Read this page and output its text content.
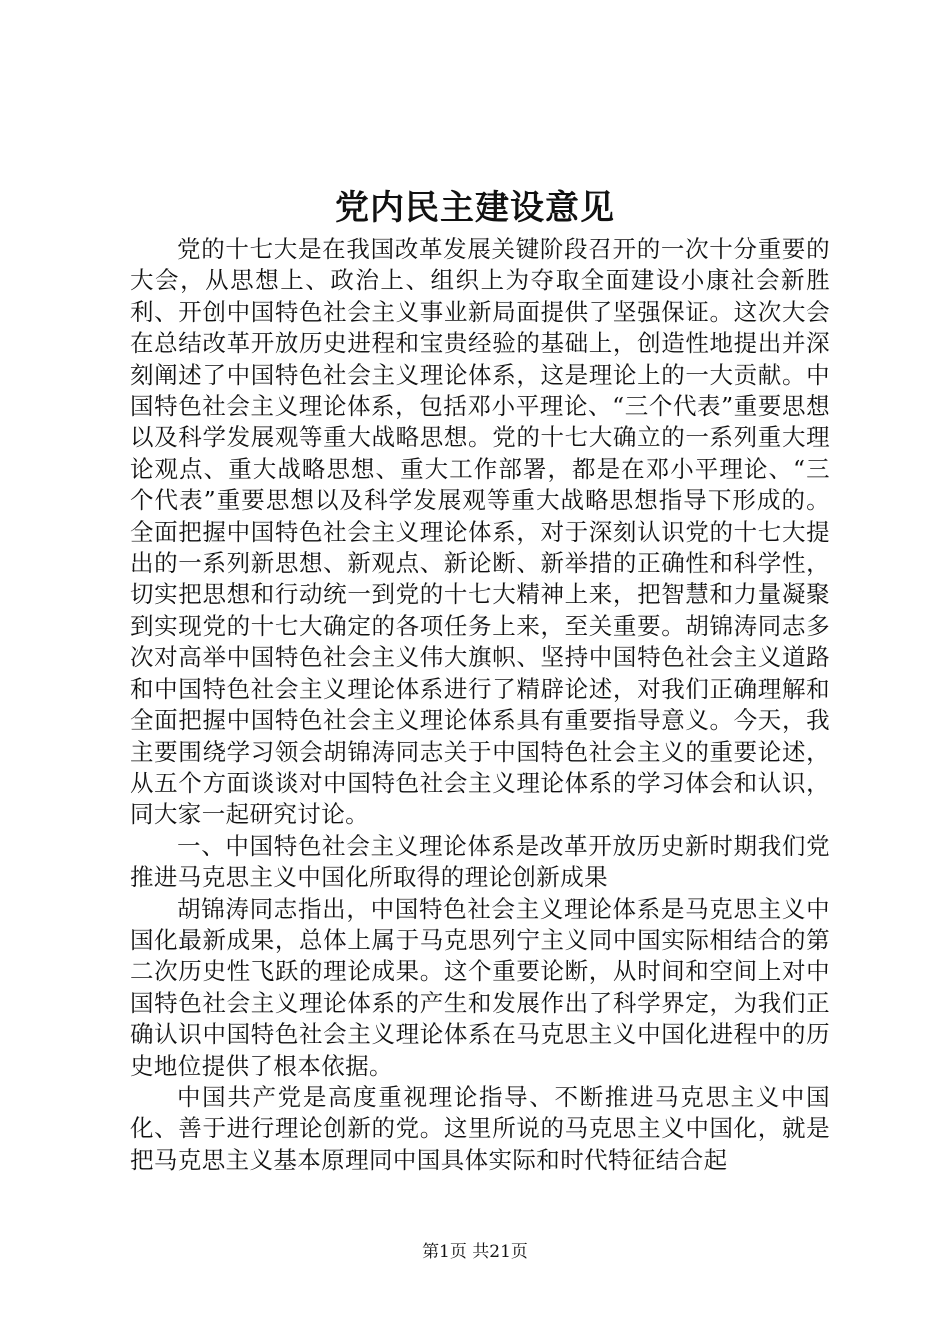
党内民主建设意见

党的十七大是在我国改革发展关键阶段召开的一次十分重要的大会，从思想上、政治上、组织上为夺取全面建设小康社会新胜利、开创中国特色社会主义事业新局面提供了坚强保证。这次大会在总结改革开放历史进程和宝贵经验的基础上，创造性地提出并深刻阐述了中国特色社会主义理论体系，这是理论上的一大贡献。中国特色社会主义理论体系，包括邓小平理论、“三个代表”重要思想以及科学发展观等重大战略思想。党的十七大确立的一系列重大理论观点、重大战略思想、重大工作部署，都是在邓小平理论、“三个代表”重要思想以及科学发展观等重大战略思想指导下形成的。全面把握中国特色社会主义理论体系，对于深刻认识党的十七大提出的一系列新思想、新观点、新论断、新举措的正确性和科学性，切实把思想和行动统一到党的十七大精神上来，把智慧和力量凝聚到实现党的十七大确定的各项任务上来，至关重要。胡锦涛同志多次对高举中国特色社会主义伟大旗帜、坚持中国特色社会主义道路和中国特色社会主义理论体系进行了精辟论述，对我们正确理解和全面把握中国特色社会主义理论体系具有重要指导意义。今天，我主要围绕学习领会胡锦涛同志关于中国特色社会主义的重要论述，从五个方面谈谈对中国特色社会主义理论体系的学习体会和认识，同大家一起研究讨论。

一、中国特色社会主义理论体系是改革开放历史新时期我们党推进马克思主义中国化所取得的理论创新成果

胡锦涛同志指出，中国特色社会主义理论体系是马克思主义中国化最新成果，总体上属于马克思列宁主义同中国实际相结合的第二次历史性飞跃的理论成果。这个重要论断，从时间和空间上对中国特色社会主义理论体系的产生和发展作出了科学界定，为我们正确认识中国特色社会主义理论体系在马克思主义中国化进程中的历史地位提供了根本依据。

中国共产党是高度重视理论指导、不断推进马克思主义中国化、善于进行理论创新的党。这里所说的马克思主义中国化，就是把马克思主义基本原理同中国具体实际和时代特征结合起

第1页 共21页
